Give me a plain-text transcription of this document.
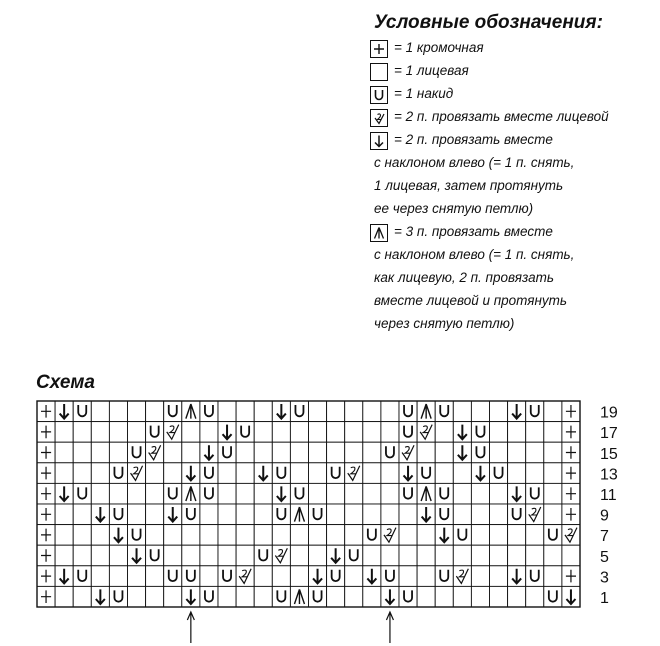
Условные обозначения:
= 1 кромочная
= 1 лицевая
= 1 накид
= 2 п. провязать вместе лицевой
= 2 п. провязать вместе
с наклоном влево (= 1 п. снять,
1 лицевая, затем протянуть
ее через снятую петлю)
= 3 п. провязать вместе
с наклоном влево (= 1 п. снять,
как лицевую, 2 п. провязать
вместе лицевой и протянуть
через снятую петлю)
Схема
19
17
15
13
11
9
7
5
3
1
